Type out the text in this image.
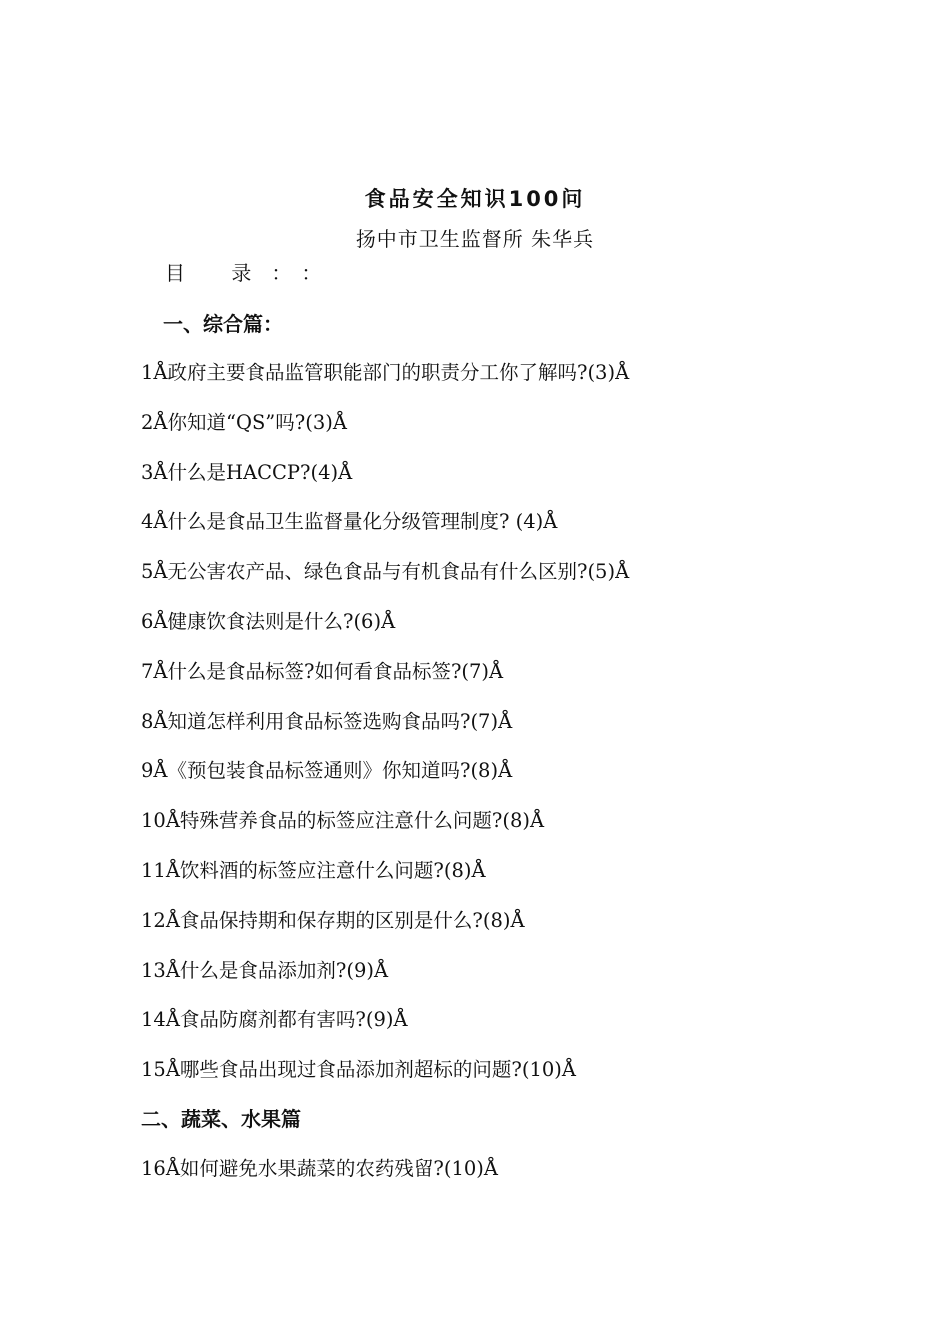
食品安全知识100问
扬中市卫生监督所 朱华兵
目 录：：
一、综合篇：
1Å政府主要食品监管职能部门的职责分工你了解吗?(3)Å
2Å你知道“QS”吗?(3)Å
3Å什么是HACCP?(4)Å
4Å什么是食品卫生监督量化分级管理制度? (4)Å
5Å无公害农产品、绿色食品与有机食品有什么区别?(5)Å
6Å健康饮食法则是什么?(6)Å
7Å什么是食品标签?如何看食品标签?(7)Å
8Å知道怎样利用食品标签选购食品吗?(7)Å
9Å《预包装食品标签通则》你知道吗?(8)Å
10Å特殊营养食品的标签应注意什么问题?(8)Å
11Å饮料酒的标签应注意什么问题?(8)Å
12Å食品保持期和保存期的区别是什么?(8)Å
13Å什么是食品添加剂?(9)Å
14Å食品防腐剂都有害吗?(9)Å
15Å哪些食品出现过食品添加剂超标的问题?(10)Å
二、蔬菜、水果篇
16Å如何避免水果蔬菜的农药残留?(10)Å
